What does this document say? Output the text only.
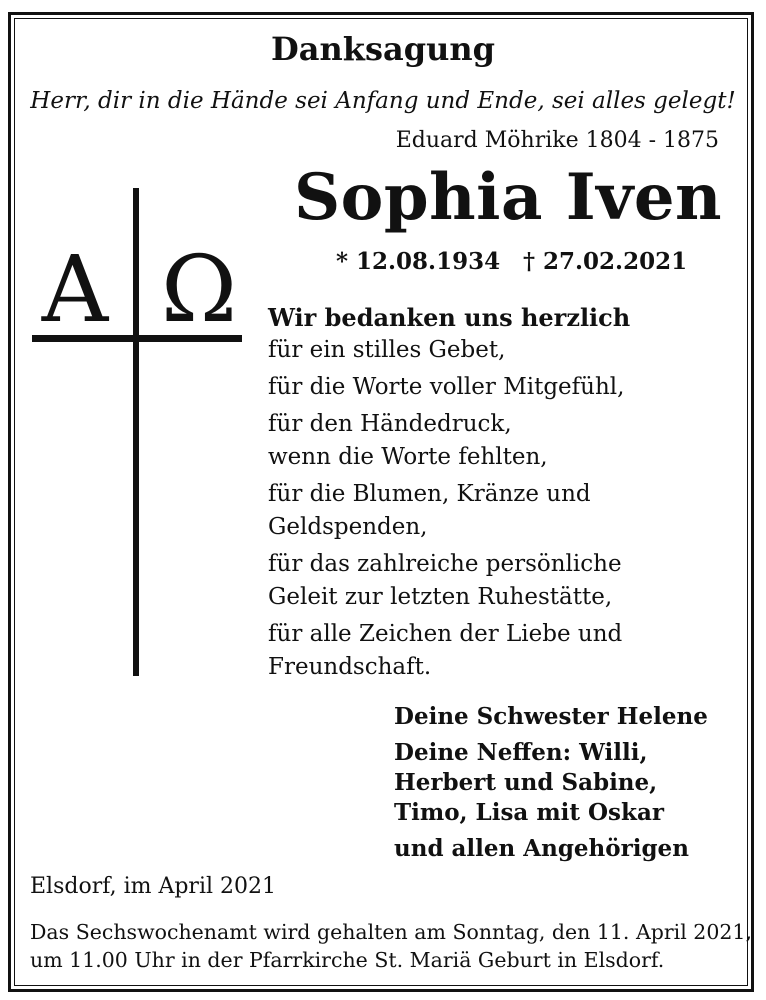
Danksagung
Herr, dir in die Hände sei Anfang und Ende, sei alles gelegt!
Eduard Möhrike 1804 - 1875
Sophia Iven
* 12.08.1934 † 27.02.2021
A Ω Wir bedanken uns herzlich

für ein stilles Gebet,
für die Worte voller Mitgefühl,
für den Händedruck,
wenn die Worte fehlten,
für die Blumen, Kränze und
Geldspenden,
für das zahlreiche persönliche
Geleit zur letzten Ruhestätte,
für alle Zeichen der Liebe und
Freundschaft.
Deine Schwester Helene
Deine Neffen: Willi,
Herbert und Sabine,
Timo, Lisa mit Oskar
und allen Angehörigen
Elsdorf, im April 2021
Das Sechswochenamt wird gehalten am Sonntag, den 11. April 2021,
um 11.00 Uhr in der Pfarrkirche St. Mariä Geburt in Elsdorf.
